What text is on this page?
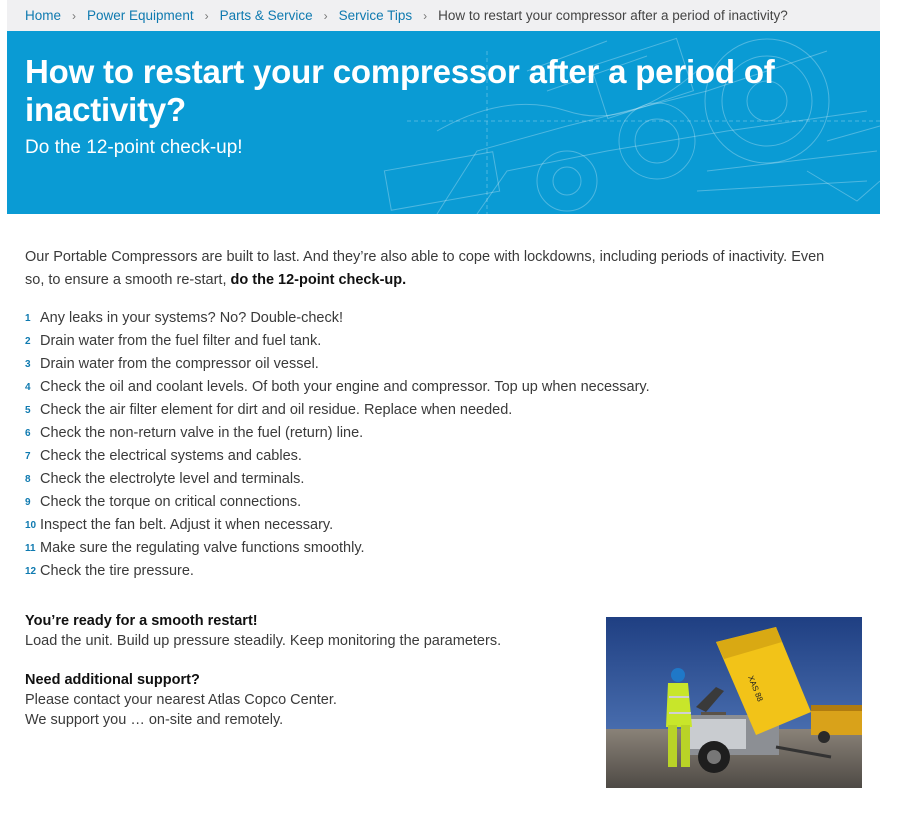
Home › Power Equipment › Parts & Service › Service Tips › How to restart your compressor after a period of inactivity?
How to restart your compressor after a period of inactivity?

Do the 12-point check-up!

Our Portable Compressors are built to last. And they’re also able to cope with lockdowns, including periods of inactivity. Even so, to ensure a smooth re-start, do the 12-point check-up.

1 Any leaks in your systems? No? Double-check!
2 Drain water from the fuel filter and fuel tank.
3 Drain water from the compressor oil vessel.
4 Check the oil and coolant levels. Of both your engine and compressor. Top up when necessary.
5 Check the air filter element for dirt and oil residue. Replace when needed.
6 Check the non-return valve in the fuel (return) line.
7 Check the electrical systems and cables.
8 Check the electrolyte level and terminals.
9 Check the torque on critical connections.
10 Inspect the fan belt. Adjust it when necessary.
11 Make sure the regulating valve functions smoothly.
12 Check the tire pressure.

You’re ready for a smooth restart!

Load the unit. Build up pressure steadily. Keep monitoring the parameters.

Need additional support?

Please contact your nearest Atlas Copco Center.

We support you … on-site and remotely.

XAS 88
